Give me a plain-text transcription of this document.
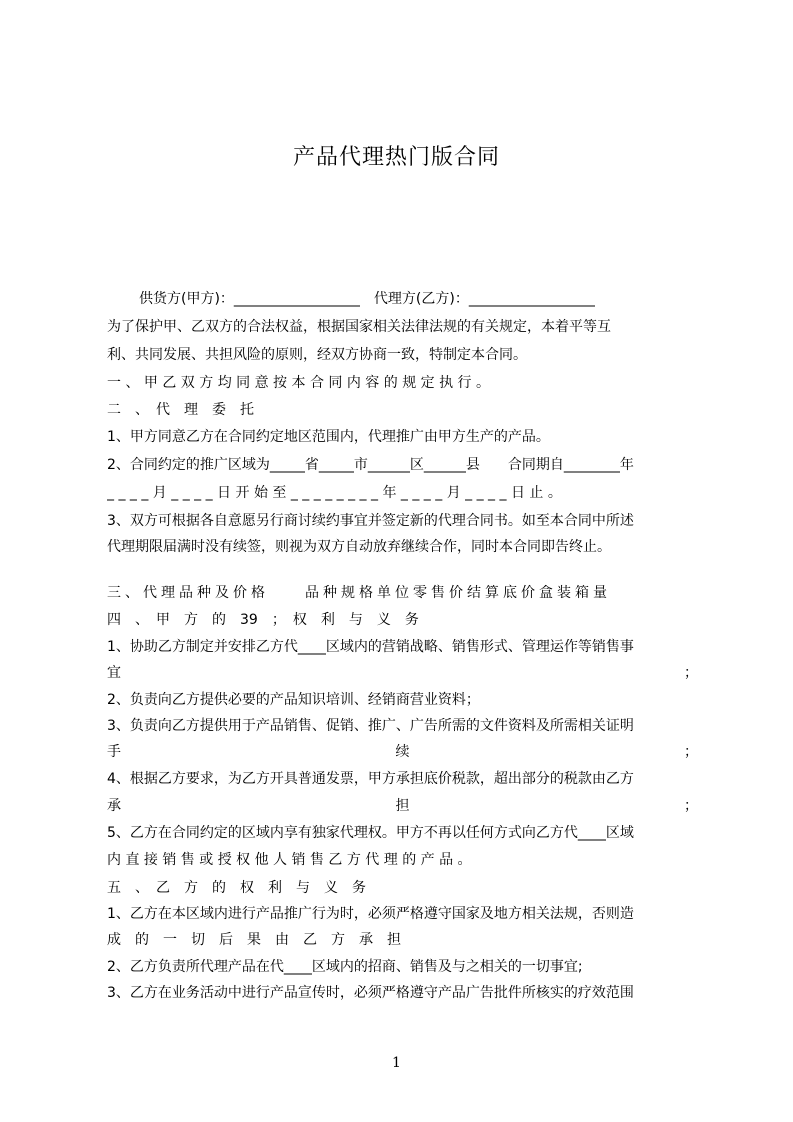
产品代理热门版合同
供货方(甲方)：__________________　代理方(乙方)：__________________
为了保护甲、乙双方的合法权益，根据国家相关法律法规的有关规定，本着平等互
利、共同发展、共担风险的原则，经双方协商一致，特制定本合同。
一 、 甲 乙 双 方 均 同 意 按 本 合 同 内 容 的 规 定 执 行 。
二　、　代　理　委　托
1、甲方同意乙方在合同约定地区范围内，代理推广由甲方生产的产品。
2、合同约定的推广区域为_____省_____市______区______县　　合同期自________年
_ _ _ _ 月 _ _ _ _ 日 开 始 至 _ _ _ _ _ _ _ _ 年 _ _ _ _ 月 _ _ _ _ 日 止 。
3、双方可根据各自意愿另行商讨续约事宜并签定新的代理合同书。如至本合同中所述
代理期限届满时没有续签，则视为双方自动放弃继续合作，同时本合同即告终止。
三、代理品种及价格　　品种规格单位零售价结算底价盒装箱量
四　、　甲　方　的　39　；　权　利　与　义　务
1、协助乙方制定并安排乙方代____区域内的营销战略、销售形式、管理运作等销售事
宜　；
2、负责向乙方提供必要的产品知识培训、经销商营业资料；
3、负责向乙方提供用于产品销售、促销、推广、广告所需的文件资料及所需相关证明
手　续　；
4、根据乙方要求，为乙方开具普通发票，甲方承担底价税款，超出部分的税款由乙方
承　担　；
5、乙方在合同约定的区域内享有独家代理权。甲方不再以任何方式向乙方代____区域
内 直 接 销 售 或 授 权 他 人 销 售 乙 方 代 理 的 产 品 。
五　、　乙　方　的　权　利　与　义　务
1、乙方在本区域内进行产品推广行为时，必须严格遵守国家及地方相关法规，否则造
成　的　一　切　后　果　由　乙　方　承　担
2、乙方负责所代理产品在代____区域内的招商、销售及与之相关的一切事宜;
3、乙方在业务活动中进行产品宣传时，必须严格遵守产品广告批件所核实的疗效范围
1
